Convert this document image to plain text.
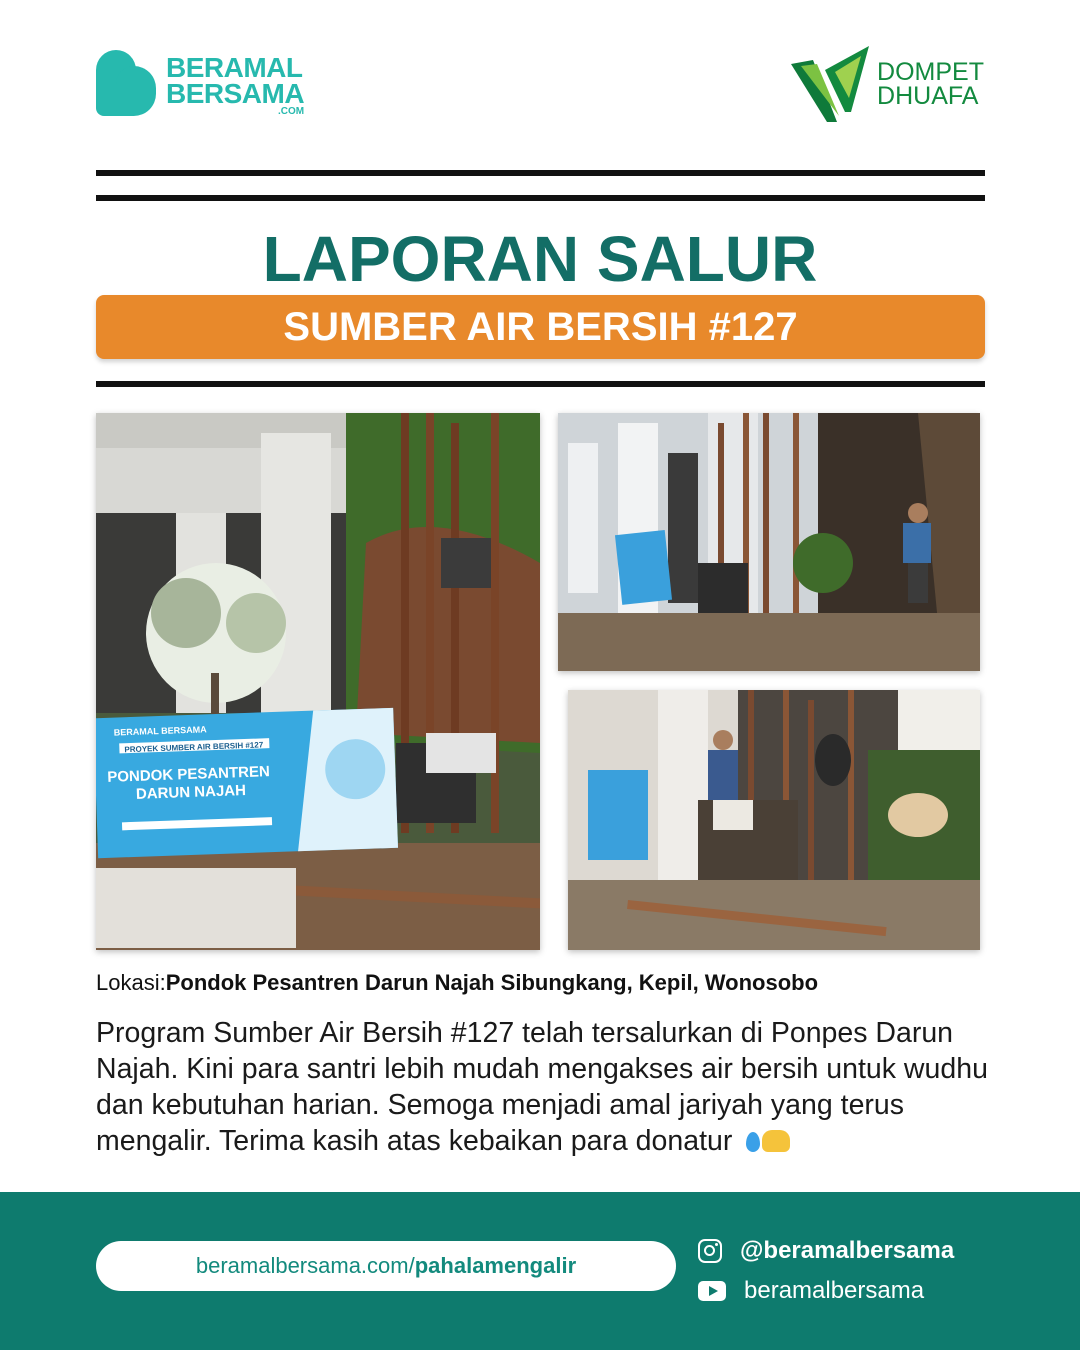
BERAMAL
BERSAMA
.COM
DOMPET
DHUAFA
LAPORAN SALUR
SUMBER AIR BERSIH #127
BERAMAL BERSAMA
PROYEK SUMBER AIR BERSIH #127
PONDOK PESANTREN
DARUN NAJAH
Lokasi:Pondok Pesantren Darun Najah Sibungkang, Kepil, Wonosobo
Program Sumber Air Bersih #127 telah tersalurkan di Ponpes Darun Najah. Kini para santri lebih mudah mengakses air bersih untuk wudhu dan kebutuhan harian. Semoga menjadi amal jariyah yang terus mengalir. Terima kasih atas kebaikan para donatur
beramalbersama.com/ pahalamengalir
@beramalbersama
beramalbersama
